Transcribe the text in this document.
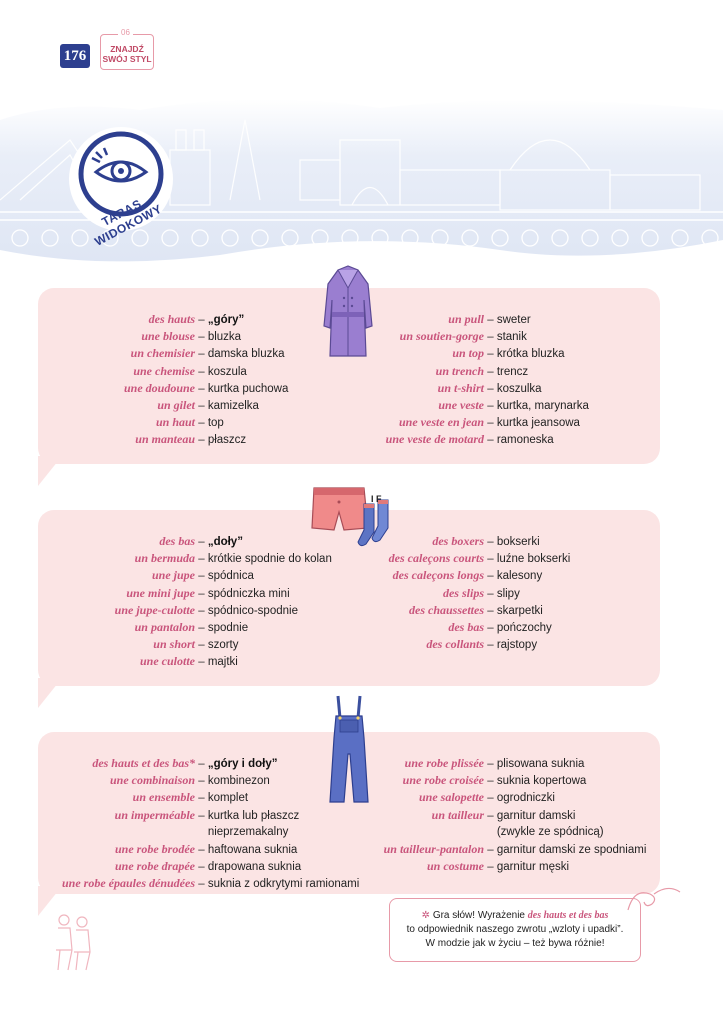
176
06
ZNAJDŹ
SWÓJ STYL
TARAS WIDOKOWY
des hauts – „góry”
une blouse – bluzka
un chemisier – damska bluzka
une chemise – koszula
une doudoune – kurtka puchowa
un gilet – kamizelka
un haut – top
un manteau – płaszcz
un pull – sweter
un soutien-gorge – stanik
un top – krótka bluzka
un trench – trencz
un t-shirt – koszulka
une veste – kurtka, marynarka
une veste en jean – kurtka jeansowa
une veste de motard – ramoneska
des bas – „doły”
un bermuda – krótkie spodnie do kolan
une jupe – spódnica
une mini jupe – spódniczka mini
une jupe-culotte – spódnico-spodnie
un pantalon – spodnie
un short – szorty
une culotte – majtki
des boxers – bokserki
des caleçons courts – luźne bokserki
des caleçons longs – kalesony
des slips – slipy
des chaussettes – skarpetki
des bas – pończochy
des collants – rajstopy
I F
des hauts et des bas* – „góry i doły”
une combinaison – kombinezon
un ensemble – komplet
un imperméable – kurtka lub płaszcz
nieprzemakalny
une robe brodée – haftowana suknia
une robe drapée – drapowana suknia
une robe épaules dénudées – suknia z odkrytymi ramionami
une robe plissée – plisowana suknia
une robe croisée – suknia kopertowa
une salopette – ogrodniczki
un tailleur – garnitur damski
(zwykle ze spódnicą)
un tailleur-pantalon – garnitur damski ze spodniami
un costume – garnitur męski
✲ Gra słów! Wyrażenie des hauts et des bas
to odpowiednik naszego zwrotu „wzloty i upadki”.
W modzie jak w życiu – też bywa różnie!
